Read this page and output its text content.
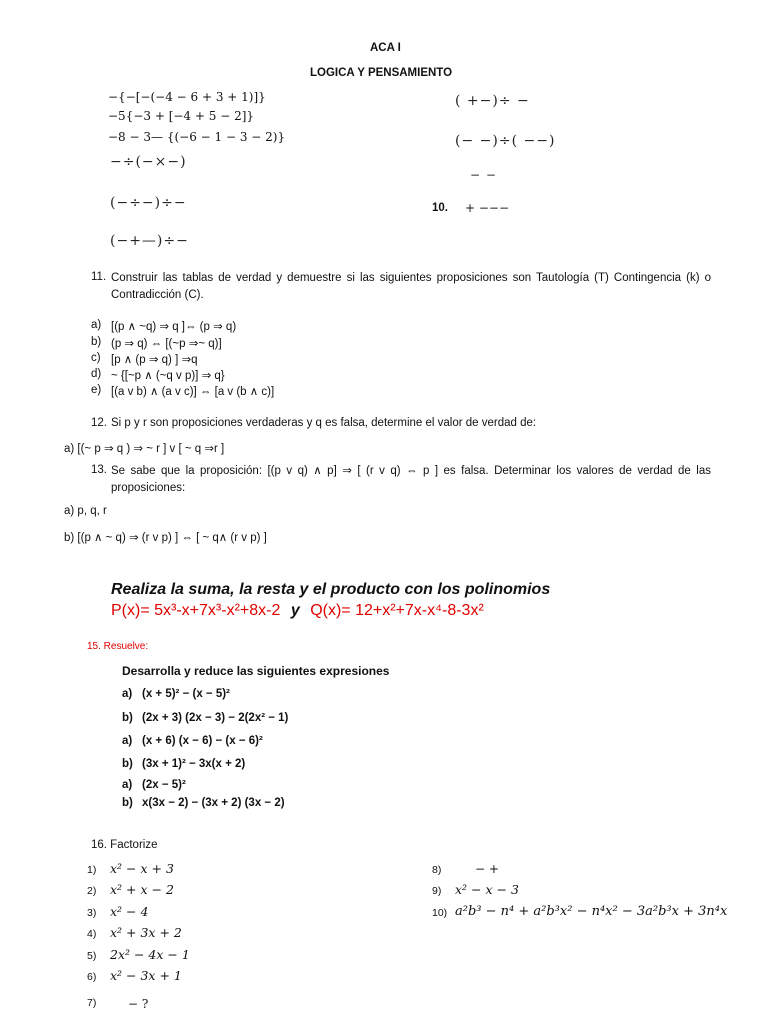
ACA I
LOGICA Y PENSAMIENTO
−{−[−(−4 − 6 + 3 + 1)]}
−5{−3 + [−4 + 5 − 2]}
−8 − 3— {(−6 − 1 − 3 − 2)}
−÷(−×−)
(−÷−)÷−
(−+—)÷−
( +−)÷ −
(− −)÷( −−)
− −
10. + −−−
11. Construir las tablas de verdad y demuestre si las siguientes proposiciones son Tautología (T) Contingencia (k) o Contradicción (C).
a) [(p ∧ ~q) ⇒ q ]⇔ (p ⇒ q)
b) (p ⇒ q) ⇔ [(~p ⇒~ q)]
c) [p ∧ (p ⇒ q) ] ⇒q
d) ~ {[~p ∧ (~q v p)] ⇒ q}
e) [(a v b) ∧ (a v c)] ⇔ [a v (b ∧ c)]
12. Si p y r son proposiciones verdaderas y q es falsa, determine el valor de verdad de:
a) [(~ p ⇒ q ) ⇒ ~ r ] v [ ~ q ⇒r ]
13. Se sabe que la proposición: [(p v q) ∧ p] ⇒ [ (r v q) ⇔ p ] es falsa. Determinar los valores de verdad de las proposiciones:
a) p, q, r
b) [(p ∧ ~ q) ⇒ (r v p) ] ⇔ [ ~ q∧ (r v p) ]
Realiza la suma, la resta y el producto con los polinomios
P(x)= 5x³-x+7x³-x²+8x-2 y Q(x)= 12+x²+7x-x⁴-8-3x²
15. Resuelve:
Desarrolla y reduce las siguientes expresiones
a) (x + 5)² − (x − 5)²
b) (2x + 3) (2x − 3) − 2(2x² − 1)
a) (x + 6) (x − 6) − (x − 6)²
b) (3x + 1)² − 3x(x + 2)
a) (2x − 5)²
b) x(3x − 2) − (3x + 2) (3x − 2)
16. Factorize
1) x² − x + 3
2) x² + x − 2
3) x² − 4
4) x² + 3x + 2
5) 2x² − 4x − 1
6) x² − 3x + 1
7)	− ?
8)	− +
9) x² − x − 3
10) a²b³ − n⁴ + a²b³x² − n⁴x² − 3a²b³x + 3n⁴x
